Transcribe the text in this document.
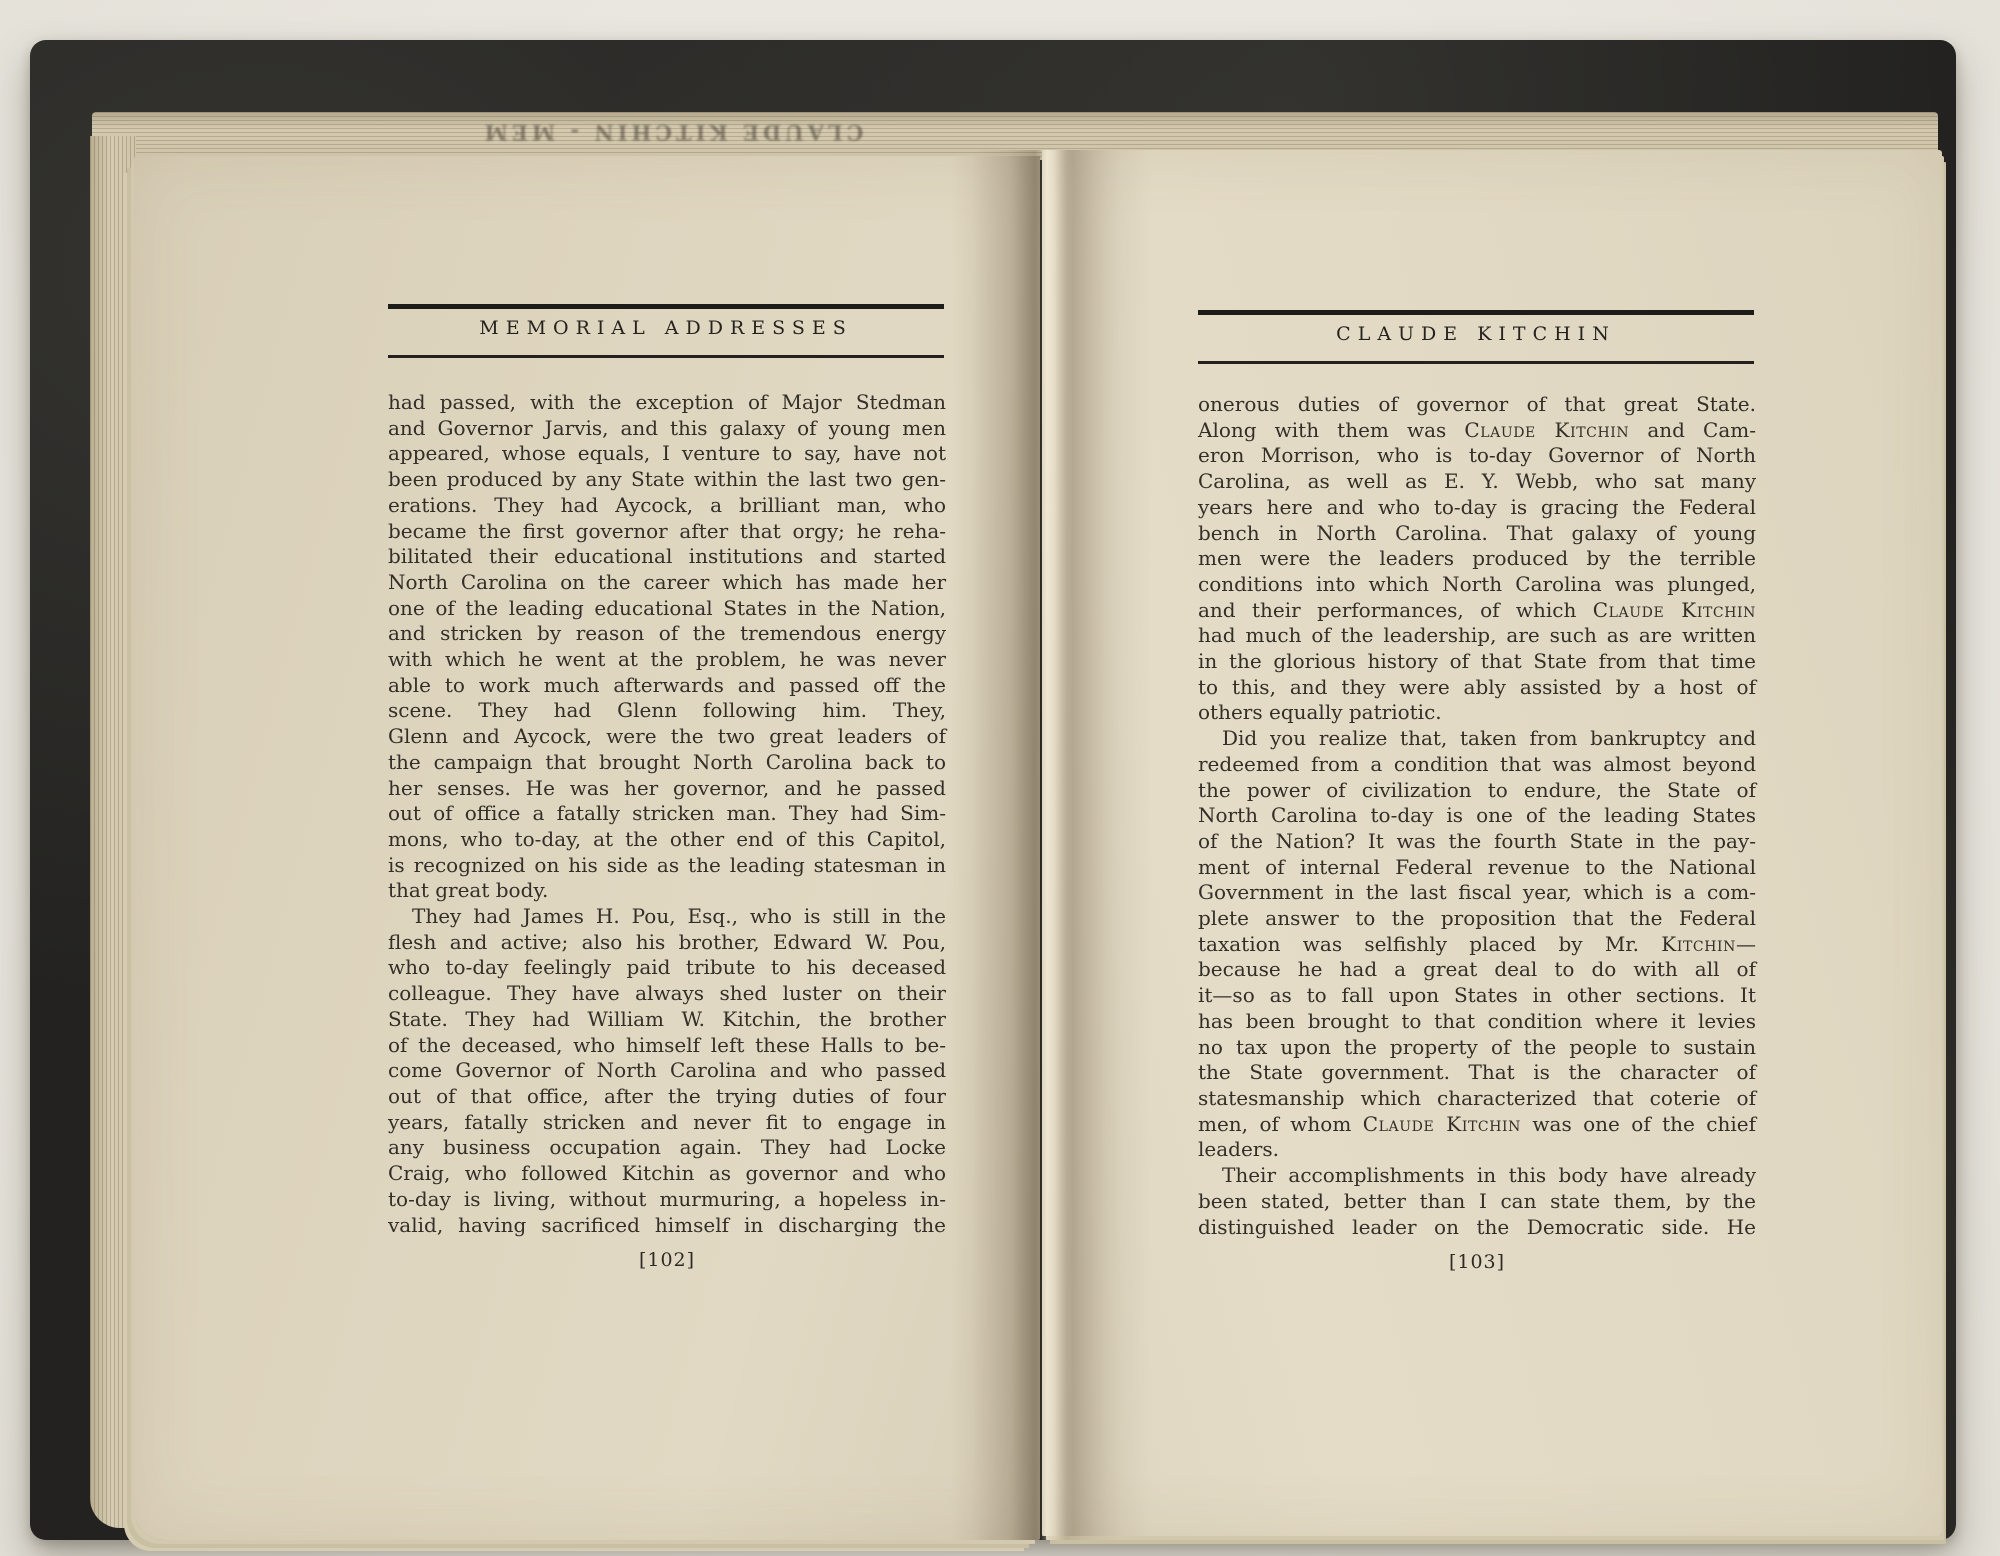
CLAUDE KITCHIN - MEM
MEMORIAL ADDRESSES
had passed, with the exception of Major Stedman
and Governor Jarvis, and this galaxy of young men
appeared, whose equals, I venture to say, have not
been produced by any State within the last two gen-
erations. They had Aycock, a brilliant man, who
became the first governor after that orgy; he reha-
bilitated their educational institutions and started
North Carolina on the career which has made her
one of the leading educational States in the Nation,
and stricken by reason of the tremendous energy
with which he went at the problem, he was never
able to work much afterwards and passed off the
scene. They had Glenn following him. They,
Glenn and Aycock, were the two great leaders of
the campaign that brought North Carolina back to
her senses. He was her governor, and he passed
out of office a fatally stricken man. They had Sim-
mons, who to-day, at the other end of this Capitol,
is recognized on his side as the leading statesman in
that great body.
They had James H. Pou, Esq., who is still in the
flesh and active; also his brother, Edward W. Pou,
who to-day feelingly paid tribute to his deceased
colleague. They have always shed luster on their
State. They had William W. Kitchin, the brother
of the deceased, who himself left these Halls to be-
come Governor of North Carolina and who passed
out of that office, after the trying duties of four
years, fatally stricken and never fit to engage in
any business occupation again. They had Locke
Craig, who followed Kitchin as governor and who
to-day is living, without murmuring, a hopeless in-
valid, having sacrificed himself in discharging the
[102]
CLAUDE KITCHIN
onerous duties of governor of that great State.
Along with them was Claude Kitchin and Cam-
eron Morrison, who is to-day Governor of North
Carolina, as well as E. Y. Webb, who sat many
years here and who to-day is gracing the Federal
bench in North Carolina. That galaxy of young
men were the leaders produced by the terrible
conditions into which North Carolina was plunged,
and their performances, of which Claude Kitchin
had much of the leadership, are such as are written
in the glorious history of that State from that time
to this, and they were ably assisted by a host of
others equally patriotic.
Did you realize that, taken from bankruptcy and
redeemed from a condition that was almost beyond
the power of civilization to endure, the State of
North Carolina to-day is one of the leading States
of the Nation? It was the fourth State in the pay-
ment of internal Federal revenue to the National
Government in the last fiscal year, which is a com-
plete answer to the proposition that the Federal
taxation was selfishly placed by Mr. Kitchin—
because he had a great deal to do with all of
it—so as to fall upon States in other sections. It
has been brought to that condition where it levies
no tax upon the property of the people to sustain
the State government. That is the character of
statesmanship which characterized that coterie of
men, of whom Claude Kitchin was one of the chief
leaders.
Their accomplishments in this body have already
been stated, better than I can state them, by the
distinguished leader on the Democratic side. He
[103]
